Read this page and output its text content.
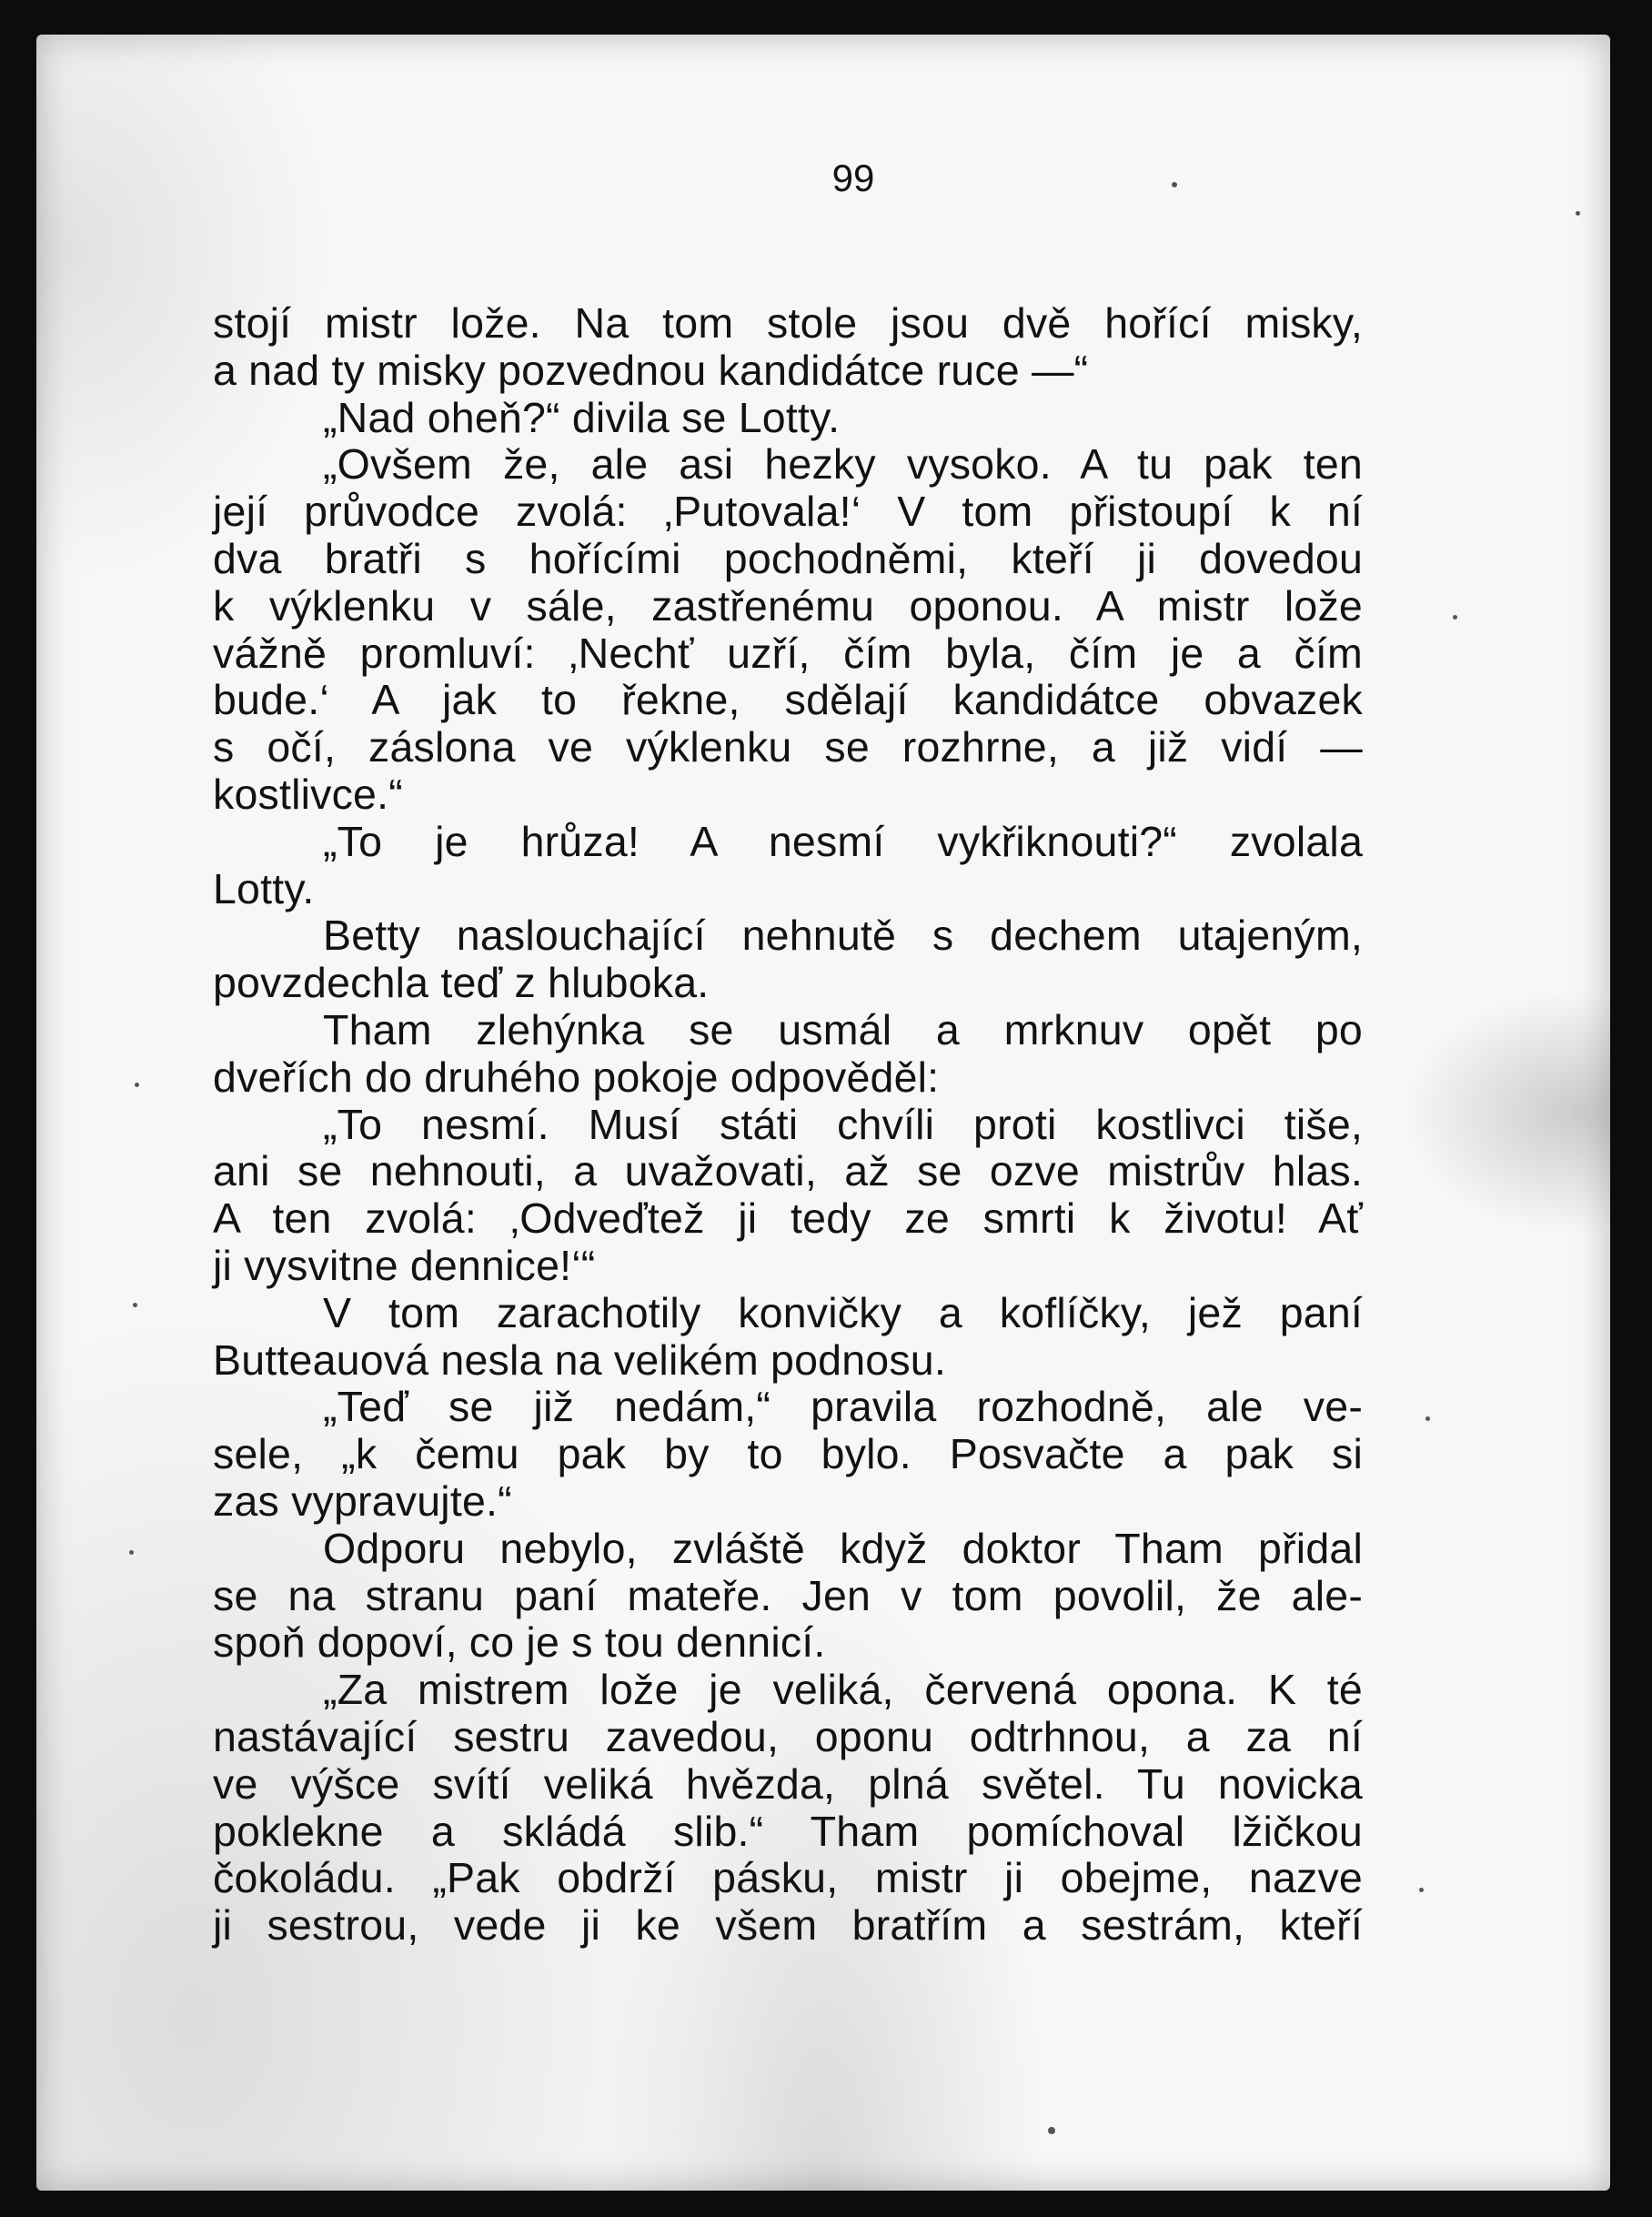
99
stojí mistr lože. Na tom stole jsou dvě hořící misky,
a nad ty misky pozvednou kandidátce ruce —“
„Nad oheň?“ divila se Lotty.
„Ovšem že, ale asi hezky vysoko. A tu pak ten
její průvodce zvolá: ‚Putovala!‘ V tom přistoupí k ní
dva bratři s hořícími pochodněmi, kteří ji dovedou
k výklenku v sále, zastřenému oponou. A mistr lože
vážně promluví: ‚Nechť uzří, čím byla, čím je a čím
bude.‘ A jak to řekne, sdělají kandidátce obvazek
s očí, záslona ve výklenku se rozhrne, a již vidí —
kostlivce.“
„To je hrůza! A nesmí vykřiknouti?“ zvolala
Lotty.
Betty naslouchající nehnutě s dechem utajeným,
povzdechla teď z hluboka.
Tham zlehýnka se usmál a mrknuv opět po
dveřích do druhého pokoje odpověděl:
„To nesmí. Musí státi chvíli proti kostlivci tiše,
ani se nehnouti, a uvažovati, až se ozve mistrův hlas.
A ten zvolá: ‚Odveďtež ji tedy ze smrti k životu! Ať
ji vysvitne dennice!‘“
V tom zarachotily konvičky a koflíčky, jež paní
Butteauová nesla na velikém podnosu.
„Teď se již nedám,“ pravila rozhodně, ale ve-
sele, „k čemu pak by to bylo. Posvačte a pak si
zas vypravujte.“
Odporu nebylo, zvláště když doktor Tham přidal
se na stranu paní mateře. Jen v tom povolil, že ale-
spoň dopoví, co je s tou dennicí.
„Za mistrem lože je veliká, červená opona. K té
nastávající sestru zavedou, oponu odtrhnou, a za ní
ve výšce svítí veliká hvězda, plná světel. Tu novicka
poklekne a skládá slib.“ Tham pomíchoval lžičkou
čokoládu. „Pak obdrží pásku, mistr ji obejme, nazve
ji sestrou, vede ji ke všem bratřím a sestrám, kteří
